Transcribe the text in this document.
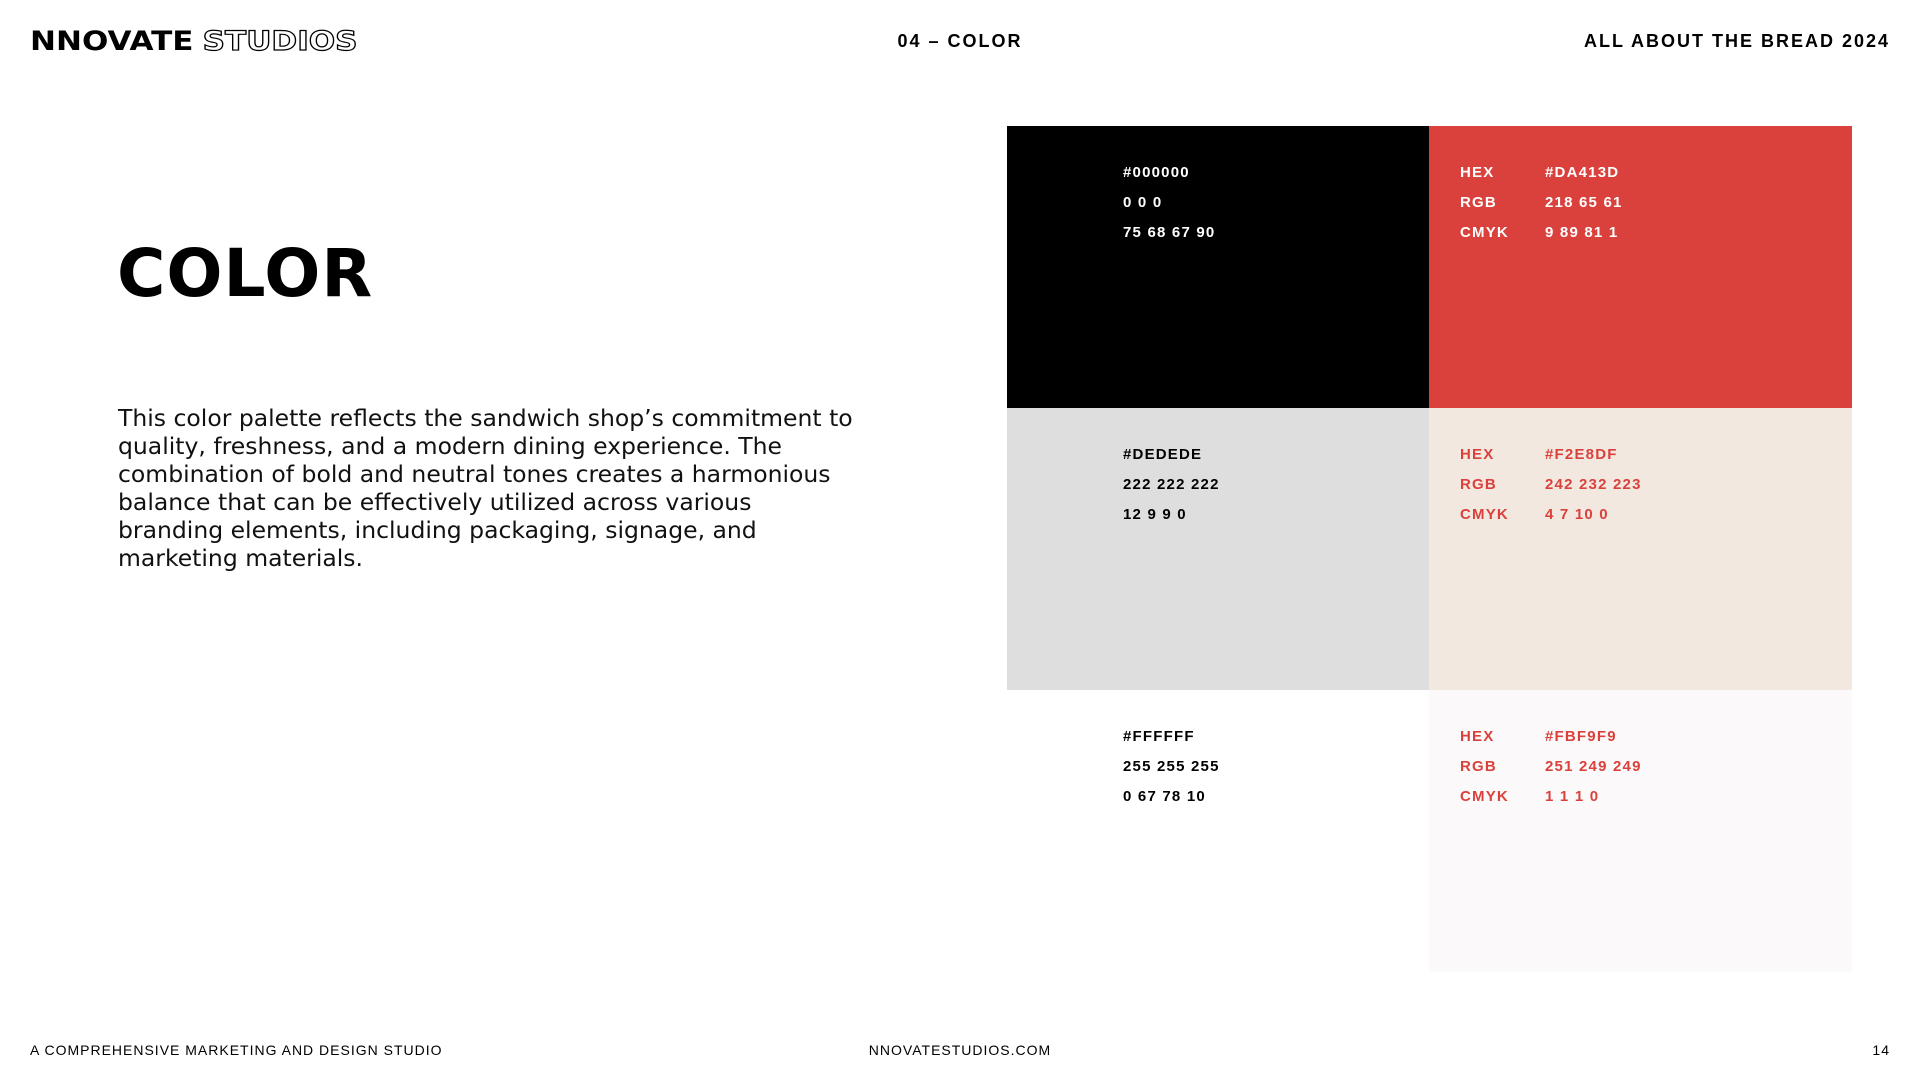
NNOVATE STUDIOS	04 – COLOR	ALL ABOUT THE BREAD 2024
COLOR

This color palette reflects the sandwich shop’s commitment to quality, freshness, and a modern dining experience. The combination of bold and neutral tones creates a harmonious balance that can be effectively utilized across various branding elements, including packaging, signage, and marketing materials.

#000000
0 0 0
75 68 67 90
HEX	#DA413D
RGB	218 65 61
CMYK	9 89 81 1
#DEDEDE
222 222 222
12 9 9 0
HEX	#F2E8DF
RGB	242 232 223
CMYK	4 7 10 0
#FFFFFF
255 255 255
0 67 78 10
HEX	#FBF9F9
RGB	251 249 249
CMYK	1 1 1 0
A COMPREHENSIVE MARKETING AND DESIGN STUDIO	NNOVATESTUDIOS.COM	14
